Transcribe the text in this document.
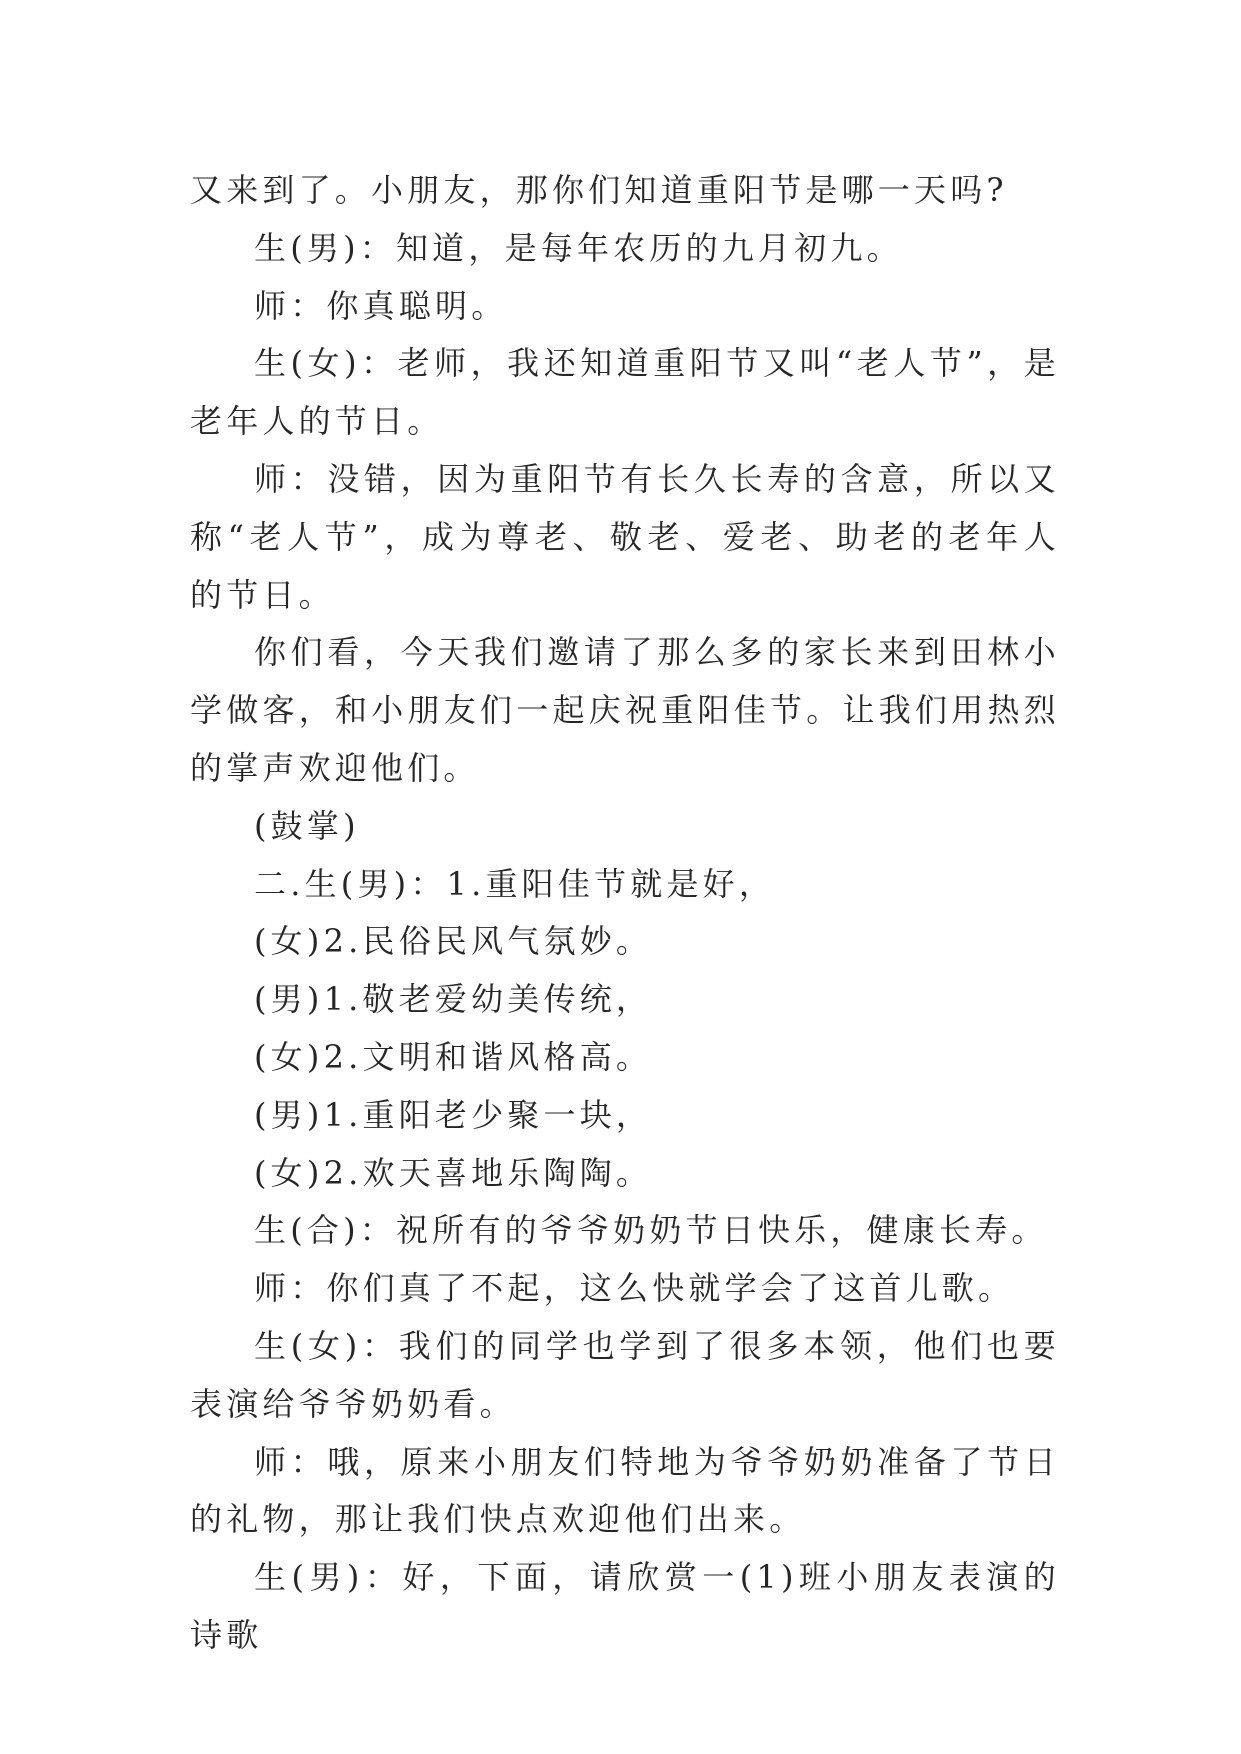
又来到了。小朋友，那你们知道重阳节是哪一天吗?

生(男)：知道，是每年农历的九月初九。

师：你真聪明。

生(女)：老师，我还知道重阳节又叫“老人节”，是老年人的节日。

师：没错，因为重阳节有长久长寿的含意，所以又称“老人节”，成为尊老、敬老、爱老、助老的老年人的节日。

你们看，今天我们邀请了那么多的家长来到田林小学做客，和小朋友们一起庆祝重阳佳节。让我们用热烈的掌声欢迎他们。

(鼓掌)

二.生(男)：1.重阳佳节就是好，

(女)2.民俗民风气氛妙。

(男)1.敬老爱幼美传统，

(女)2.文明和谐风格高。

(男)1.重阳老少聚一块，

(女)2.欢天喜地乐陶陶。

生(合)：祝所有的爷爷奶奶节日快乐，健康长寿。

师：你们真了不起，这么快就学会了这首儿歌。

生(女)：我们的同学也学到了很多本领，他们也要表演给爷爷奶奶看。

师：哦，原来小朋友们特地为爷爷奶奶准备了节日的礼物，那让我们快点欢迎他们出来。

生(男)：好，下面，请欣赏一(1)班小朋友表演的诗歌
